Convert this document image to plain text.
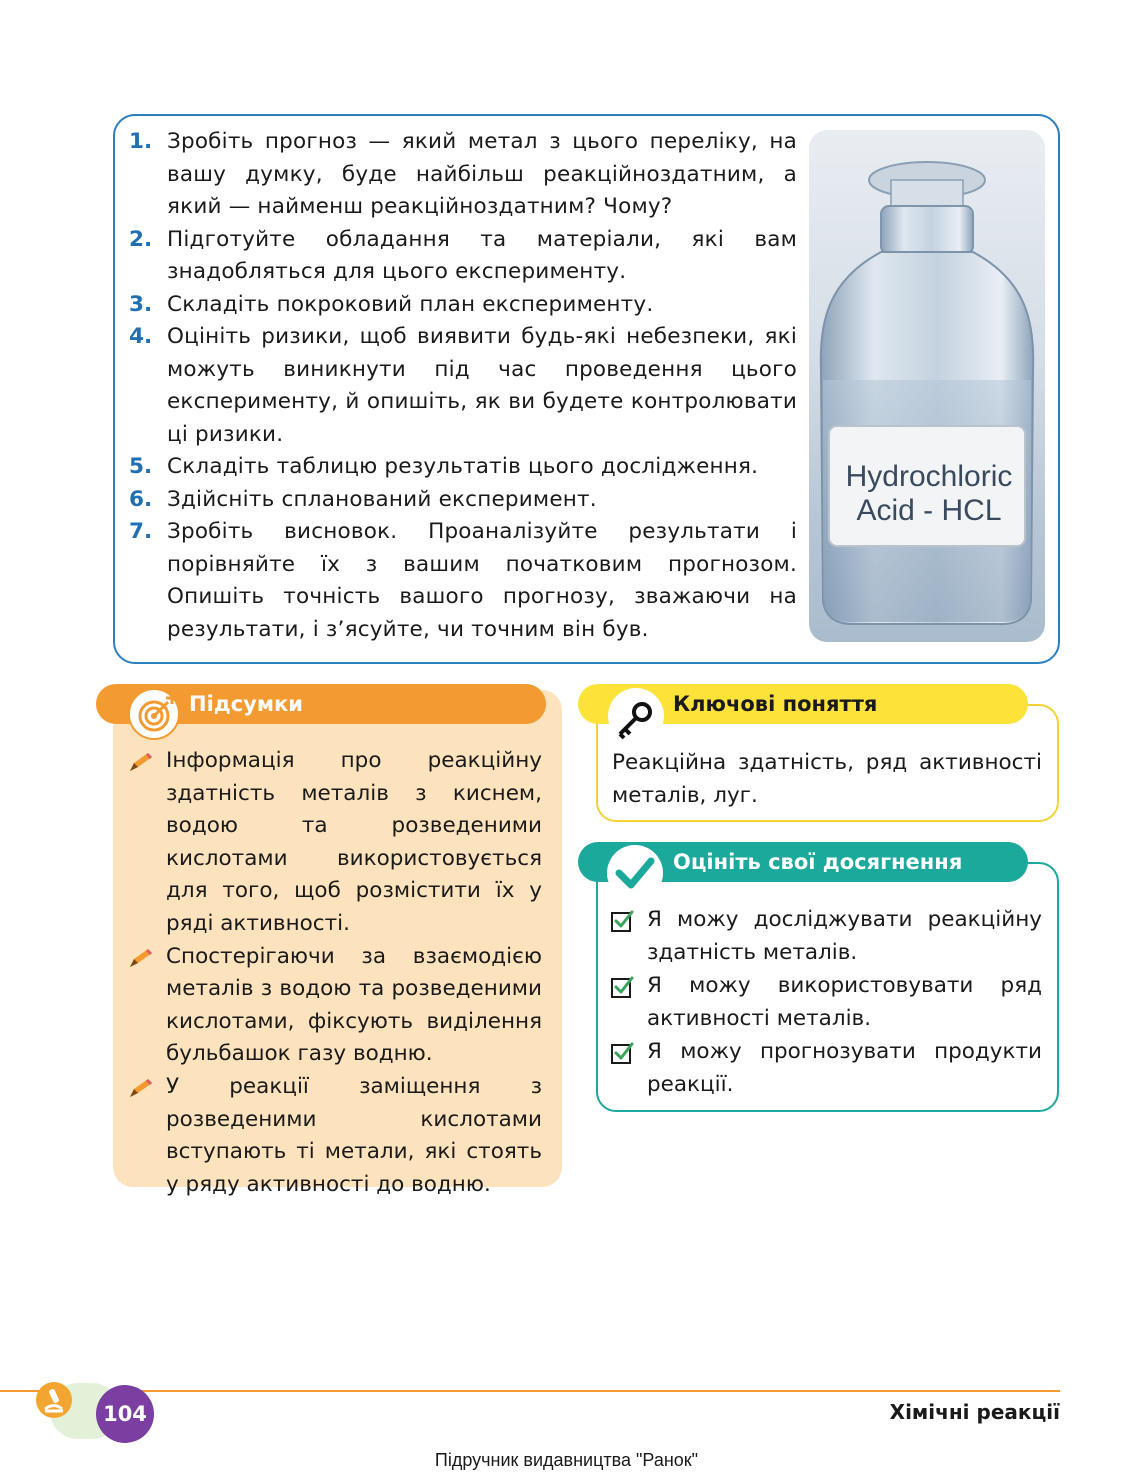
1. Зробіть прогноз — який метал з цього переліку, на вашу думку, буде найбільш реакційноздатним, а який — найменш реакційноздатним? Чому?
2. Підготуйте обладання та матеріали, які вам знадобляться для цього експерименту.
3. Складіть покроковий план експерименту.
4. Оцініть ризики, щоб виявити будь-які небезпеки, які можуть виникнути під час проведення цього експерименту, й опишіть, як ви будете контролювати ці ризики.
5. Складіть таблицю результатів цього дослідження.
6. Здійсніть спланований експеримент.
7. Зробіть висновок. Проаналізуйте результати і порівняйте їх з вашим початковим прогнозом. Опишіть точність вашого прогнозу, зважаючи на результати, і з’ясуйте, чи точним він був.
Hydrochloric
Acid - HCL
Підсумки
Інформація про реакційну здатність металів з киснем, водою та розведеними кислотами використовується для того, щоб розмістити їх у ряді активності.
Спостерігаючи за взаємодією металів з водою та розведеними кислотами, фіксують виділення бульбашок газу водню.
У реакції заміщення з розведеними кислотами вступають ті метали, які стоять у ряду активності до водню.
Ключові поняття
Реакційна здатність, ряд активності металів, луг.
Оцініть свої досягнення
Я можу досліджувати реакційну здатність металів.
Я можу використовувати ряд активності металів.
Я можу прогнозувати продукти реакції.
104	Хімічні реакції
Підручник видавництва "Ранок"
